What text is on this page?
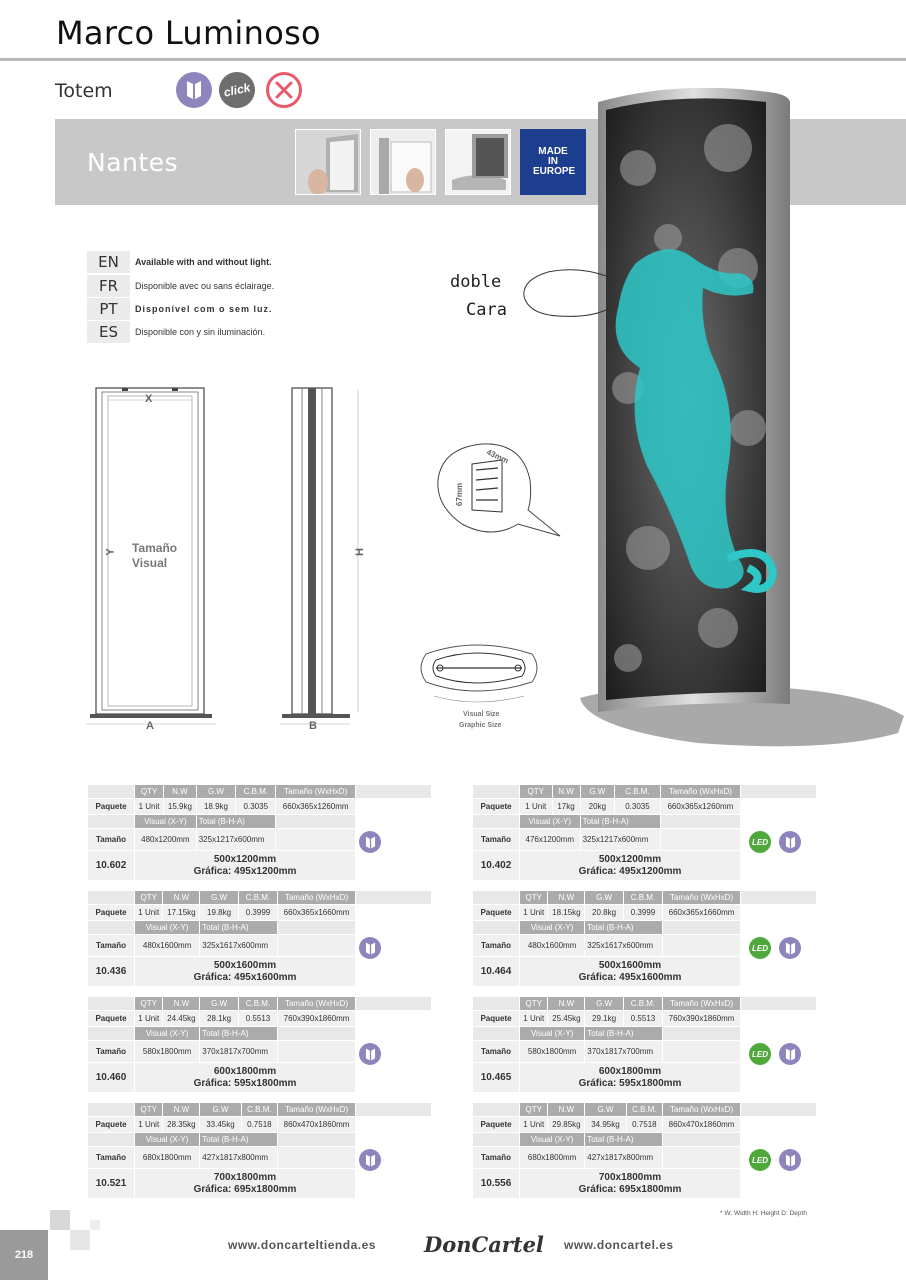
Marco Luminoso
Totem	click
Nantes	MADE IN EUROPE
EN	Available with and without light.
FR	Disponible avec ou sans éclairage.
PT	Disponível com o sem luz.
ES	Disponible con y sin iluminación.
doble
Cara
X
Y
A
Tamaño
Visual
H
B
43mm
67mm
Visual Size
Graphic Size
	QTY	N.W	G.W	C.B.M.	Tamaño (WxHxD)	
Paquete	1 Unit	15.9kg	18.9kg	0.3035	660x365x1260mm	
	Visual (X-Y)		Total (B-H-A)			
Tamaño	480x1200mm		325x1217x600mm			
10.602	500x1200mm
Gráfica: 495x1200mm					

	QTY	N.W	G.W	C.B.M.	Tamaño (WxHxD)	
Paquete	1 Unit	17.15kg	19.8kg	0.3999	660x365x1660mm	
	Visual (X-Y)		Total (B-H-A)			
Tamaño	480x1600mm		325x1617x600mm			
10.436	500x1600mm
Gráfica: 495x1600mm					

	QTY	N.W	G.W	C.B.M.	Tamaño (WxHxD)	
Paquete	1 Unit	24.45kg	28.1kg	0.5513	760x390x1860mm	
	Visual (X-Y)		Total (B-H-A)			
Tamaño	580x1800mm		370x1817x700mm			
10.460	600x1800mm
Gráfica: 595x1800mm					

	QTY	N.W	G.W	C.B.M.	Tamaño (WxHxD)	
Paquete	1 Unit	28.35kg	33.45kg	0.7518	860x470x1860mm	
	Visual (X-Y)		Total (B-H-A)			
Tamaño	680x1800mm		427x1817x800mm			
10.521	700x1800mm
Gráfica: 695x1800mm					

	QTY	N.W	G.W	C.B.M.	Tamaño (WxHxD)	
Paquete	1 Unit	17kg	20kg	0.3035	660x365x1260mm	
	Visual (X-Y)		Total (B-H-A)			
Tamaño	476x1200mm		325x1217x600mm			
10.402	500x1200mm
Gráfica: 495x1200mm					

LED
	QTY	N.W	G.W	C.B.M.	Tamaño (WxHxD)	
Paquete	1 Unit	18.15kg	20.8kg	0.3999	660x365x1660mm	
	Visual (X-Y)		Total (B-H-A)			
Tamaño	480x1600mm		325x1617x600mm			
10.464	500x1600mm
Gráfica: 495x1600mm					

LED
	QTY	N.W	G.W	C.B.M.	Tamaño (WxHxD)	
Paquete	1 Unit	25.45kg	29.1kg	0.5513	760x390x1860mm	
	Visual (X-Y)		Total (B-H-A)			
Tamaño	580x1800mm		370x1817x700mm			
10.465	600x1800mm
Gráfica: 595x1800mm					

LED
	QTY	N.W	G.W	C.B.M.	Tamaño (WxHxD)	
Paquete	1 Unit	29.85kg	34.95kg	0.7518	860x470x1860mm	
	Visual (X-Y)		Total (B-H-A)			
Tamaño	680x1800mm		427x1817x800mm			
10.556	700x1800mm
Gráfica: 695x1800mm					

LED
* W: Width H: Height D: Depth
218
www.doncarteltienda.es DonCartel www.doncartel.es
